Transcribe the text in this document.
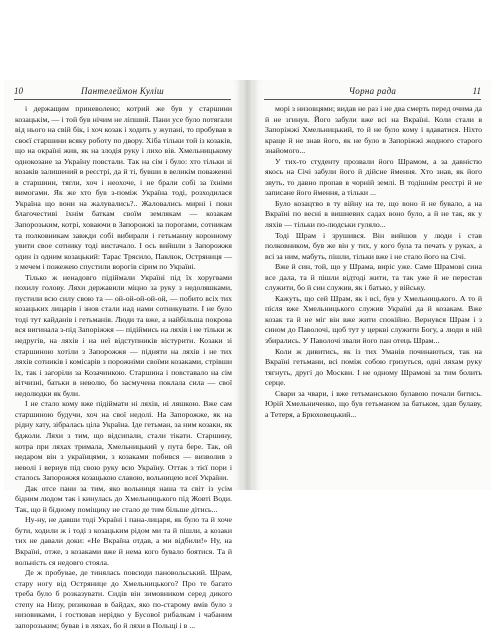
10	Пантелеймон Куліш

і держащим приневолено; котрий же був у старшини козацькім, — і той був нічим не ліпший. Пани усе було потягали від нього на свій бік, і хоч козак і ходить у жупані, то пробував в своєї старшини всяку роботу по двору. Хіба тільки той із козаків, що на окраїні жив, як на злодія руку і лихо вів. Хмельницькому однокозане за Україну повстали. Так на сім і було: хто тільки зі козаків залишений в реєстрі, да й ті, бувши в великім поваженні в старшини, тягли, хоч і неохоче, і не брали собі за їхніми вимогами. Як же хто був з-поміж Україна тоді, розходилася Україна що вони на жалувались?.. Жаловались мирні і поки благочестиві їхнім баткам своїм землякам — козакам Запорозьким, котрі, ховаючи в Запорожжі за порогами, сотникам та полковникам завжди собі вибирали і гетьманну коронному увити свое сотнику тоді вистачало. І ось вийшли з Запорожжя один із одним козацький: Тарас Трясило, Павлюк, Остряниця — з мечем і пожежею спустили ворогів сірим по Україні.

Тілько ж ненадовго підіймали Україні під їх хоругвами похилу голову. Ляхи державили міцно за руку з недоляшками, пустили всю силу свою та — ой-ой-ой-ой-ой, — побито всіх тих козацьких лицарів і знов стали над нами сотникувати. І не було тоді тут кайданів і гетьманів. Люди та вже, а найбільша покрова вся вигинала з-під Запоріжжя — підіймись на ляхів і не тільки ж недругів, на ляхів і на неї відступників вістурити. Козаки зі старшиною хотіли з Запорожжя — підняти на ляхів і не тих ляхів сотників і комісарів з порожніми своїми козаками, стрівши їх, так і загоріли за Козачинкою. Старшина і повставало на сім вітчизні, батьки в неволю, бо засмучена поклала сила — свої недолюдки як були.

І не стало кому вже підіймати ні ляхів, ні ляшкою. Вже сам старшиною будучи, хоч на свої недолі. На Запорожже, як на рідну хату, зібралась ціла Україна. Іде гетьман, за ним козаки, як бджоли. Ляхи з тим, що відсипали, стали тікати. Старшину, котра при ляхах тримала, Хмельницький у пута бере. Так, ой недаром він з українцями, з козаками побився — визволив з неволі і вернув під свою руку всю Україну. Оттак з тієї пори і сталось Запорожжя козацькою славою, вольницею всеї України.

Дак отсе пани за тим, яко вольниця наша та світ із усім бідним людом так і кинулась до Хмельницького під Жовті Води. Так, що й бідному поміщику не стало де тим більше дітись...

Ну-ну, не давши тоді Україні і пана-лицаря, як було та й хоче бути, ходили ж і тоді з козацьким рідом ми та й пішли, а козаки тих не давали доки: «Не Вкраїна отдав, а ми відбили!» Ну, на Вкраїні, отже, з козаками вже й нема кого бувало боятися. Та й вольність ся недовго стояла.

Де ж пробувае, де тинялась повсюди пановольський. Шрам, стару ногу від Острянице до Хмельницького? Про те багато треба було б розказувати. Сидів він зимовником серед дикого степу на Низу, ризиковав в байдах, яко по-старому вмів було з низовиками, і гостював нерідко у Бусової рибалкам і чабаним запорозьким; бував і в ляхах, бо й ляхи в Польщі і в ...

Чорна рада	11

морі з низовцями; видав не раз і не два смерть перед очима да й не згинув. Його забули вже всі на Вкраїні. Коли стали в Запоріжжі Хмельницький, то й не було кому і вдаватися. Ніхто краще й не знав його, як не було в Запоріжжі жодного старого знайомого...

У тих-то студенту прозвали його Шрамом, а за давністю якось на Січі забули його й дійсне ймення. Хто знав, як його звуть, то давно пропав в чорній землі. В тодішнім реєстрі й не записане його ймення, а тільки ...

Було козацтво в ту війну на те, що воно й не бувало, а на Вкраїні по весні в вишневих садах воно було, а й не так, як у ляхів — тільки по-людськи гуляло...

Тоді Шрам і зрушився. Він вийшов у люди і став полковником, був же він у тих, у кого була та печать у руках, а всі за ним, мабуть, пішли, тільки вже і не стало його на Січі.

Вже й син, той, що у Шрама, виріс уже. Саме Шрамові сина все дала, та й пішли відтоді жити, та так уже й не перестав служити, бо й син служив, як і батько, у війську.

Кажуть, що сей Шрам, як і всі, був у Хмельницького. А то й після вже Хмельницького служив Україні да й козакам. Вже козак та й не міг він вже жити спокійно. Вернувся Шрам і з сином до Паволочі, щоб тут у церкві служити Богу, а люди в ній збирались. У Паволочі звали його пан отець Шрам...

Коли ж дивитись, як із тих Уманів починаються, так на Вкраїні гетьмани, всі поміж собою гризуться, одні ляхам руку тягнуть, другі до Москви. І не одному Шрамові за тим болить серце.

Свари за чвари, і вже гетьманською булавою почали битись. Юрій Хмельниченко, що був гетьманом за батьком, здав булаву, а Тетеря, а Брюховецький...
